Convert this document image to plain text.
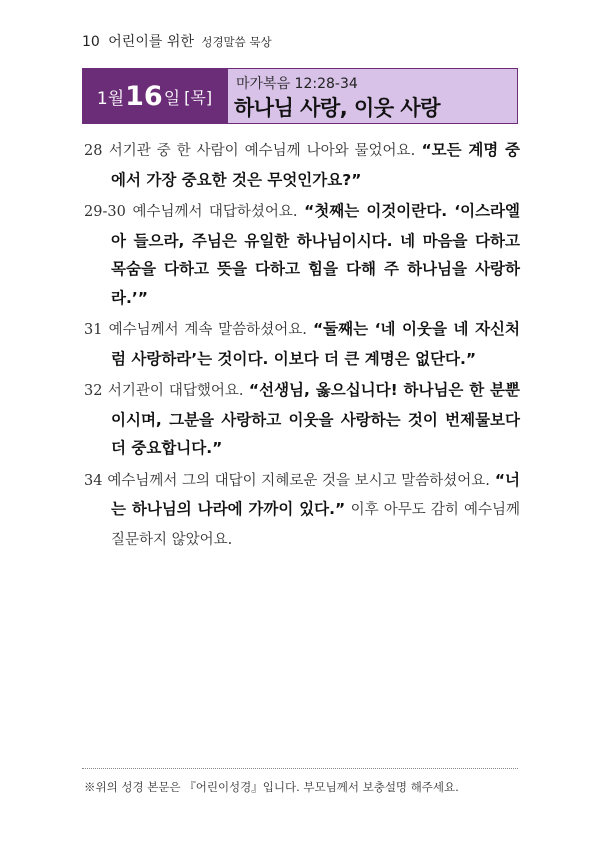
10 어린이를 위한 성경말씀 묵상
1월 16 일 [목]
마가복음 12:28-34
하나님 사랑, 이웃 사랑

28 서기관 중 한 사람이 예수님께 나아와 물었어요. “모든 계명 중에서 가장 중요한 것은 무엇인가요?”

29-30 예수님께서 대답하셨어요. “첫째는 이것이란다. ‘이스라엘아 들으라, 주님은 유일한 하나님이시다. 네 마음을 다하고 목숨을 다하고 뜻을 다하고 힘을 다해 주 하나님을 사랑하라.’”

31 예수님께서 계속 말씀하셨어요. “둘째는 ‘네 이웃을 네 자신처럼 사랑하라’는 것이다. 이보다 더 큰 계명은 없단다.”

32 서기관이 대답했어요. “선생님, 옳으십니다! 하나님은 한 분뿐이시며, 그분을 사랑하고 이웃을 사랑하는 것이 번제물보다 더 중요합니다.”

34 예수님께서 그의 대답이 지혜로운 것을 보시고 말씀하셨어요. “너는 하나님의 나라에 가까이 있다.” 이후 아무도 감히 예수님께 질문하지 않았어요.

※위의 성경 본문은 『어린이성경』입니다. 부모님께서 보충설명 해주세요.
